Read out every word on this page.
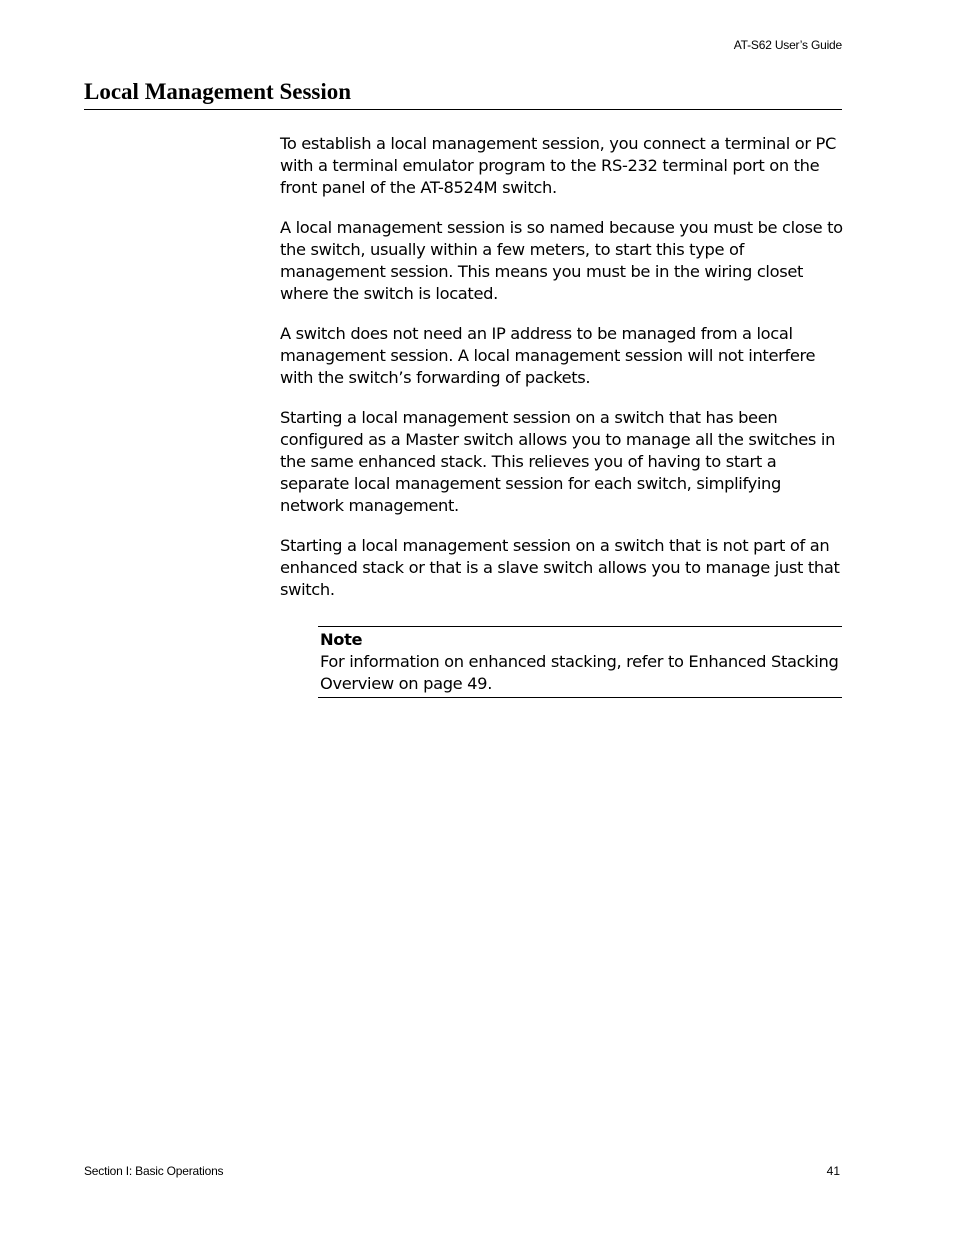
AT-S62 User’s Guide
Local Management Session

To establish a local management session, you connect a terminal or PC with a terminal emulator program to the RS-232 terminal port on the front panel of the AT-8524M switch.

A local management session is so named because you must be close to the switch, usually within a few meters, to start this type of management session. This means you must be in the wiring closet where the switch is located.

A switch does not need an IP address to be managed from a local management session. A local management session will not interfere with the switch’s forwarding of packets.

Starting a local management session on a switch that has been configured as a Master switch allows you to manage all the switches in the same enhanced stack. This relieves you of having to start a separate local management session for each switch, simplifying network management.

Starting a local management session on a switch that is not part of an enhanced stack or that is a slave switch allows you to manage just that switch.

Note
For information on enhanced stacking, refer to Enhanced Stacking Overview on page 49.
Section I: Basic Operations	41
